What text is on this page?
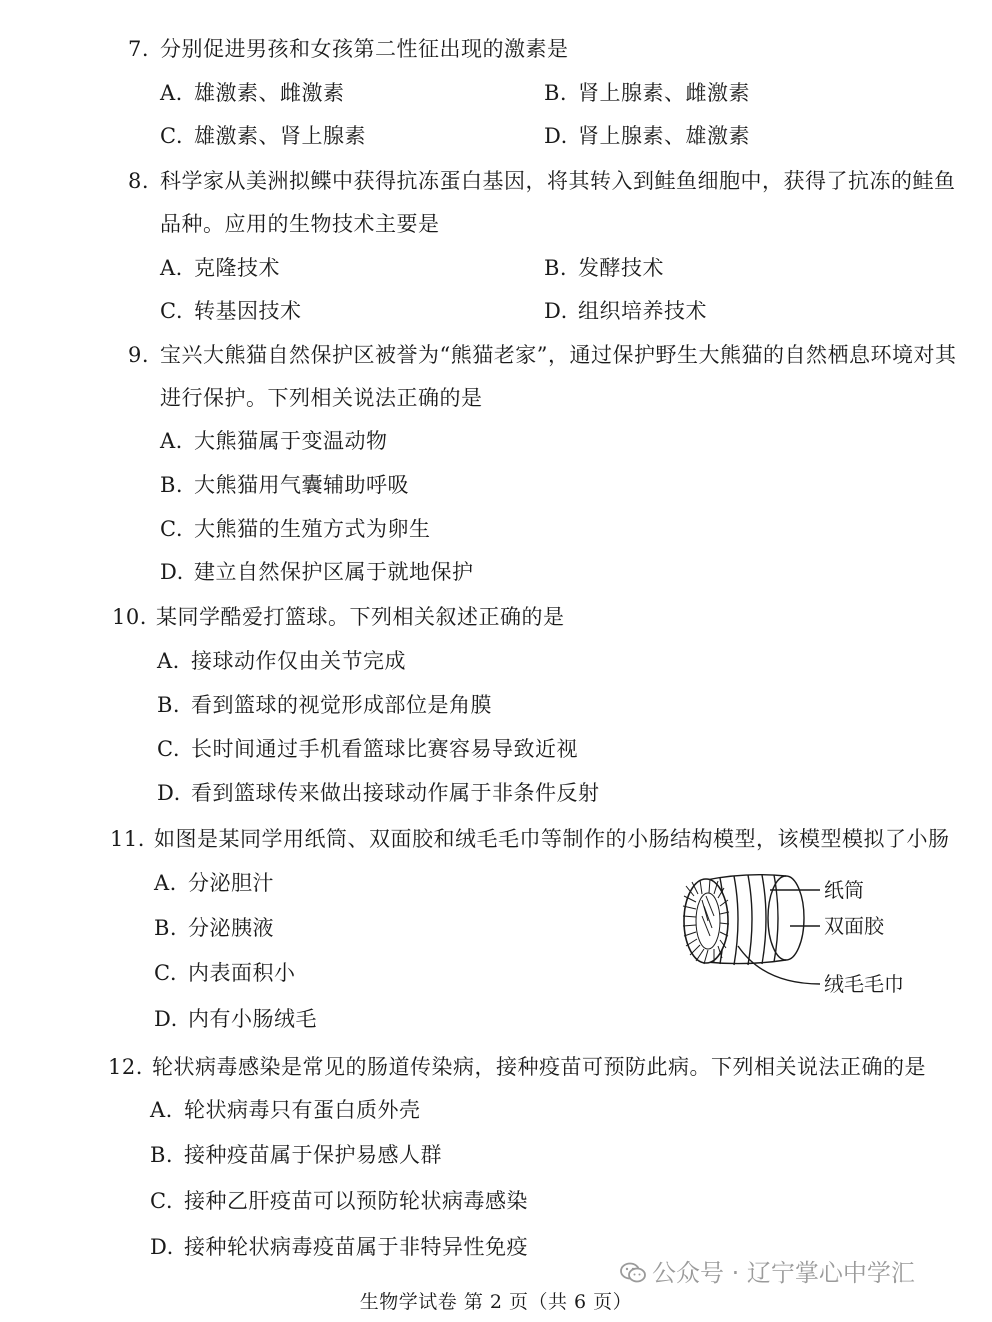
7. 分别促进男孩和女孩第二性征出现的激素是
A. 雄激素、雌激素	B. 肾上腺素、雌激素
C. 雄激素、肾上腺素	D. 肾上腺素、雄激素
8. 科学家从美洲拟鲽中获得抗冻蛋白基因，将其转入到鲑鱼细胞中，获得了抗冻的鲑鱼
品种。应用的生物技术主要是
A. 克隆技术	B. 发酵技术
C. 转基因技术	D. 组织培养技术
9. 宝兴大熊猫自然保护区被誉为“熊猫老家”，通过保护野生大熊猫的自然栖息环境对其
进行保护。下列相关说法正确的是
A. 大熊猫属于变温动物
B. 大熊猫用气囊辅助呼吸
C. 大熊猫的生殖方式为卵生
D. 建立自然保护区属于就地保护
10. 某同学酷爱打篮球。下列相关叙述正确的是
A. 接球动作仅由关节完成
B. 看到篮球的视觉形成部位是角膜
C. 长时间通过手机看篮球比赛容易导致近视
D. 看到篮球传来做出接球动作属于非条件反射
11. 如图是某同学用纸筒、双面胶和绒毛毛巾等制作的小肠结构模型，该模型模拟了小肠
A. 分泌胆汁
B. 分泌胰液
C. 内表面积小
D. 内有小肠绒毛
纸筒
双面胶
绒毛毛巾
12. 轮状病毒感染是常见的肠道传染病，接种疫苗可预防此病。下列相关说法正确的是
A. 轮状病毒只有蛋白质外壳
B. 接种疫苗属于保护易感人群
C. 接种乙肝疫苗可以预防轮状病毒感染
D. 接种轮状病毒疫苗属于非特异性免疫
公众号 · 辽宁掌心中学汇
生物学试卷 第 2 页（共 6 页）
